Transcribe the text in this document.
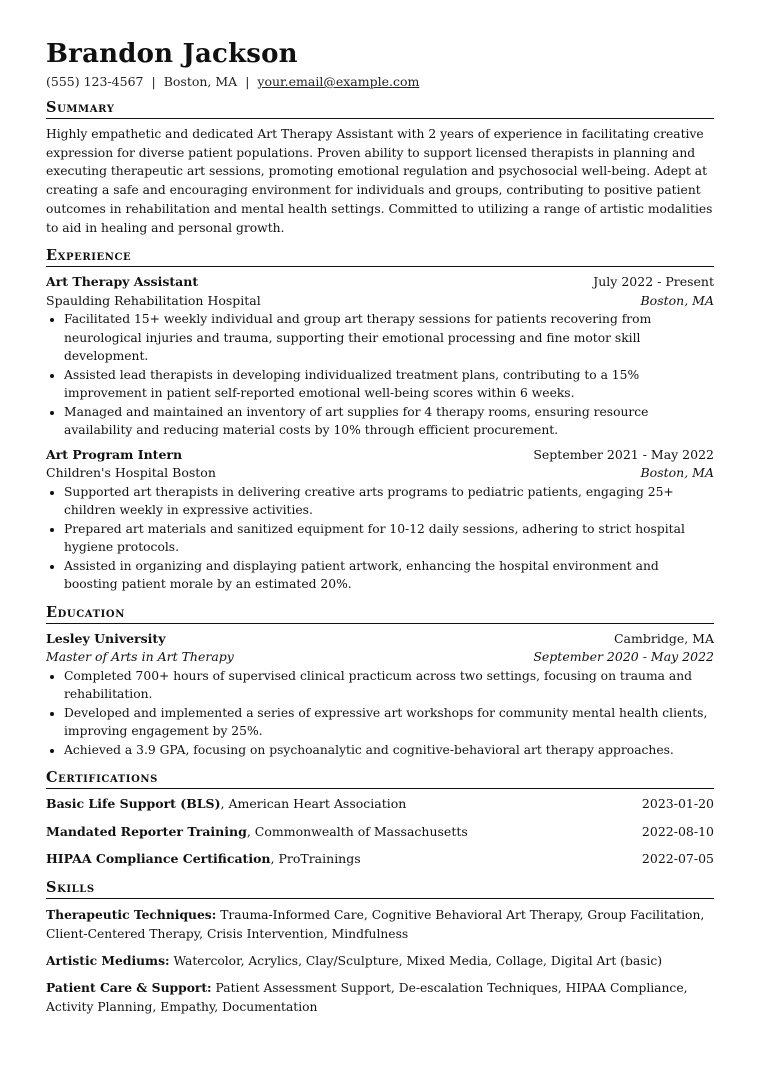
Brandon Jackson
(555) 123-4567 | Boston, MA | your.email@example.com
Summary

Highly empathetic and dedicated Art Therapy Assistant with 2 years of experience in facilitating creative expression for diverse patient populations. Proven ability to support licensed therapists in planning and executing therapeutic art sessions, promoting emotional regulation and psychosocial well-being. Adept at creating a safe and encouraging environment for individuals and groups, contributing to positive patient outcomes in rehabilitation and mental health settings. Committed to utilizing a range of artistic modalities to aid in healing and personal growth.

Experience
Art Therapy Assistant	July 2022 - Present
Spaulding Rehabilitation Hospital	Boston, MA
• Facilitated 15+ weekly individual and group art therapy sessions for patients recovering from neurological injuries and trauma, supporting their emotional processing and fine motor skill development.
• Assisted lead therapists in developing individualized treatment plans, contributing to a 15% improvement in patient self-reported emotional well-being scores within 6 weeks.
• Managed and maintained an inventory of art supplies for 4 therapy rooms, ensuring resource availability and reducing material costs by 10% through efficient procurement.
Art Program Intern	September 2021 - May 2022
Children's Hospital Boston	Boston, MA
• Supported art therapists in delivering creative arts programs to pediatric patients, engaging 25+ children weekly in expressive activities.
• Prepared art materials and sanitized equipment for 10-12 daily sessions, adhering to strict hospital hygiene protocols.
• Assisted in organizing and displaying patient artwork, enhancing the hospital environment and boosting patient morale by an estimated 20%.
Education
Lesley University	Cambridge, MA
Master of Arts in Art Therapy	September 2020 - May 2022
• Completed 700+ hours of supervised clinical practicum across two settings, focusing on trauma and rehabilitation.
• Developed and implemented a series of expressive art workshops for community mental health clients, improving engagement by 25%.
• Achieved a 3.9 GPA, focusing on psychoanalytic and cognitive-behavioral art therapy approaches.
Certifications
Basic Life Support (BLS), American Heart Association	2023-01-20
Mandated Reporter Training, Commonwealth of Massachusetts	2022-08-10
HIPAA Compliance Certification, ProTrainings	2022-07-05
Skills

Therapeutic Techniques: Trauma-Informed Care, Cognitive Behavioral Art Therapy, Group Facilitation, Client-Centered Therapy, Crisis Intervention, Mindfulness

Artistic Mediums: Watercolor, Acrylics, Clay/Sculpture, Mixed Media, Collage, Digital Art (basic)

Patient Care & Support: Patient Assessment Support, De-escalation Techniques, HIPAA Compliance, Activity Planning, Empathy, Documentation
